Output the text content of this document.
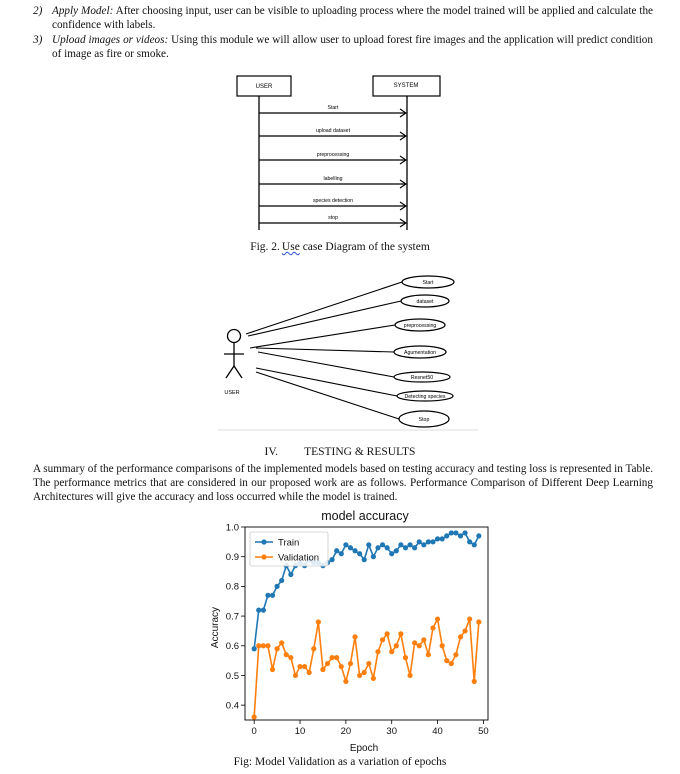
2) Apply Model: After choosing input, user can be visible to uploading process where the model trained will be applied and calculate the confidence with labels.
3) Upload images or videos: Using this module we will allow user to upload forest fire images and the application will predict condition of image as fire or smoke.
USER	SYSTEM
Start
upload dataset
preprocessing
labelling
species detection
stop
Fig. 2. Use case Diagram of the system
USER
Start
dataset
preprocessing
Agumentation
Resnet50
Detecting species
Stop
IV. TESTING & RESULTS
A summary of the performance comparisons of the implemented models based on testing accuracy and testing loss is represented in Table. The performance metrics that are considered in our proposed work are as follows. Performance Comparison of Different Deep Learning Architectures will give the accuracy and loss occurred while the model is trained.
model accuracy
0	10	20	30	40	50
0.4
0.5
0.6
0.7
0.8
0.9
1.0
Train
Validation
Epoch
Accuracy
Fig: Model Validation as a variation of epochs
